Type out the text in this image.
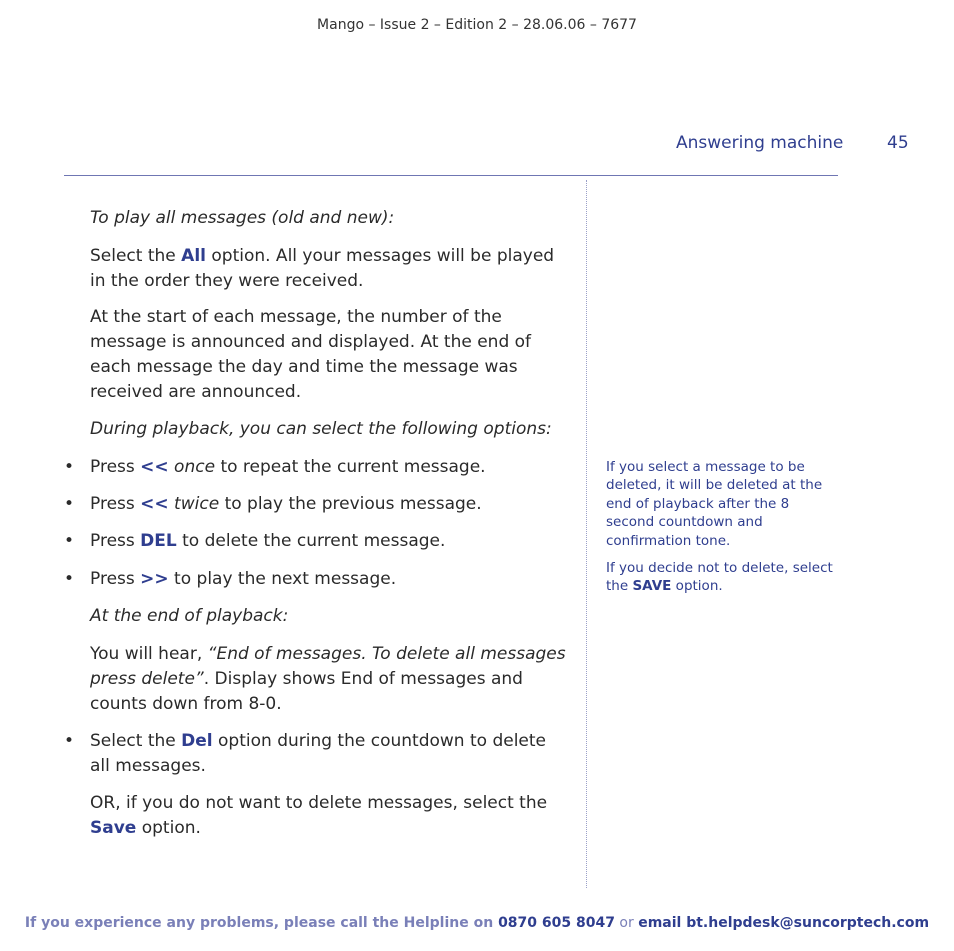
Mango – Issue 2 – Edition 2 – 28.06.06 – 7677
Answering machine	45

To play all messages (old and new):

Select the All option. All your messages will be played in the order they were received.

At the start of each message, the number of the message is announced and displayed. At the end of each message the day and time the message was received are announced.

During playback, you can select the following options:

• Press << once to repeat the current message.

• Press << twice to play the previous message.

• Press DEL to delete the current message.

• Press >> to play the next message.

At the end of playback:

You will hear, “End of messages. To delete all messages press delete”. Display shows End of messages and counts down from 8-0.

• Select the Del option during the countdown to delete all messages.

OR, if you do not want to delete messages, select the Save option.

If you select a message to be deleted, it will be deleted at the end of playback after the 8 second countdown and confirmation tone.

If you decide not to delete, select the SAVE option.

If you experience any problems, please call the Helpline on 0870 605 8047 or email bt.helpdesk@suncorptech.com
